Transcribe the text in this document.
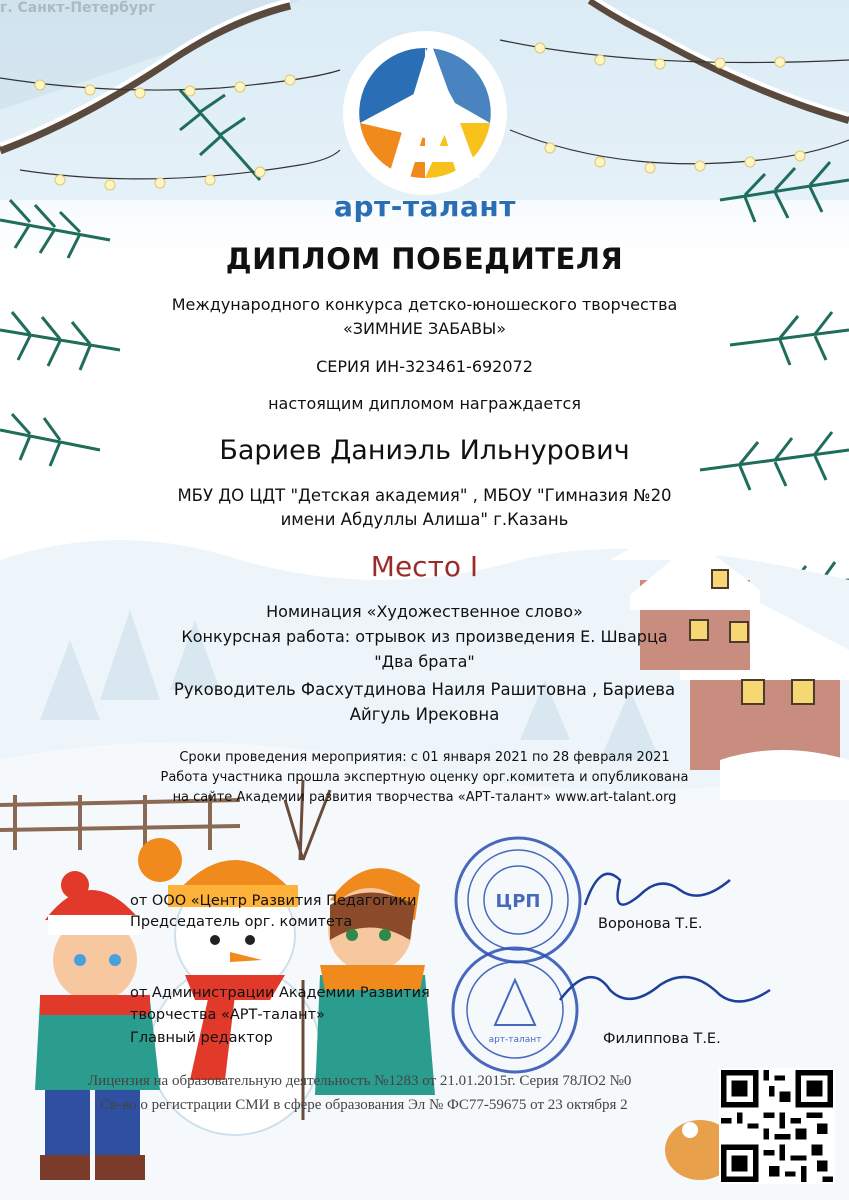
арт-талант
ДИПЛОМ ПОБЕДИТЕЛЯ
Международного конкурса детско-юношеского творчества
«ЗИМНИЕ ЗАБАВЫ»
СЕРИЯ ИН-323461-692072
настоящим дипломом награждается
Бариев Даниэль Ильнурович
МБУ ДО ЦДТ "Детская академия" , МБОУ "Гимназия №20
имени Абдуллы Алиша" г.Казань
Место I
Номинация «Художественное слово»
Конкурсная работа: отрывок из произведения Е. Шварца
"Два брата"
Руководитель Фасхутдинова Наиля Рашитовна , Бариева
Айгуль Ирековна
Сроки проведения мероприятия: с 01 января 2021 по 28 февраля 2021
Работа участника прошла экспертную оценку орг.комитета и опубликована
на сайте Академии развития творчества «АРТ-талант» www.art-talant.org
ЦРП
арт-талант
от ООО «Центр Развития Педагогики
Председатель орг. комитета	Воронова Т.Е.
от Администрации Академии Развития
творчества «АРТ-талант»
Главный редактор	Филиппова Т.Е.
Лицензия на образовательную деятельность №1283 от 21.01.2015г. Серия 78ЛО2 №0
Св-во о регистрации СМИ в сфере образования Эл № ФС77-59675 от 23 октября 2
